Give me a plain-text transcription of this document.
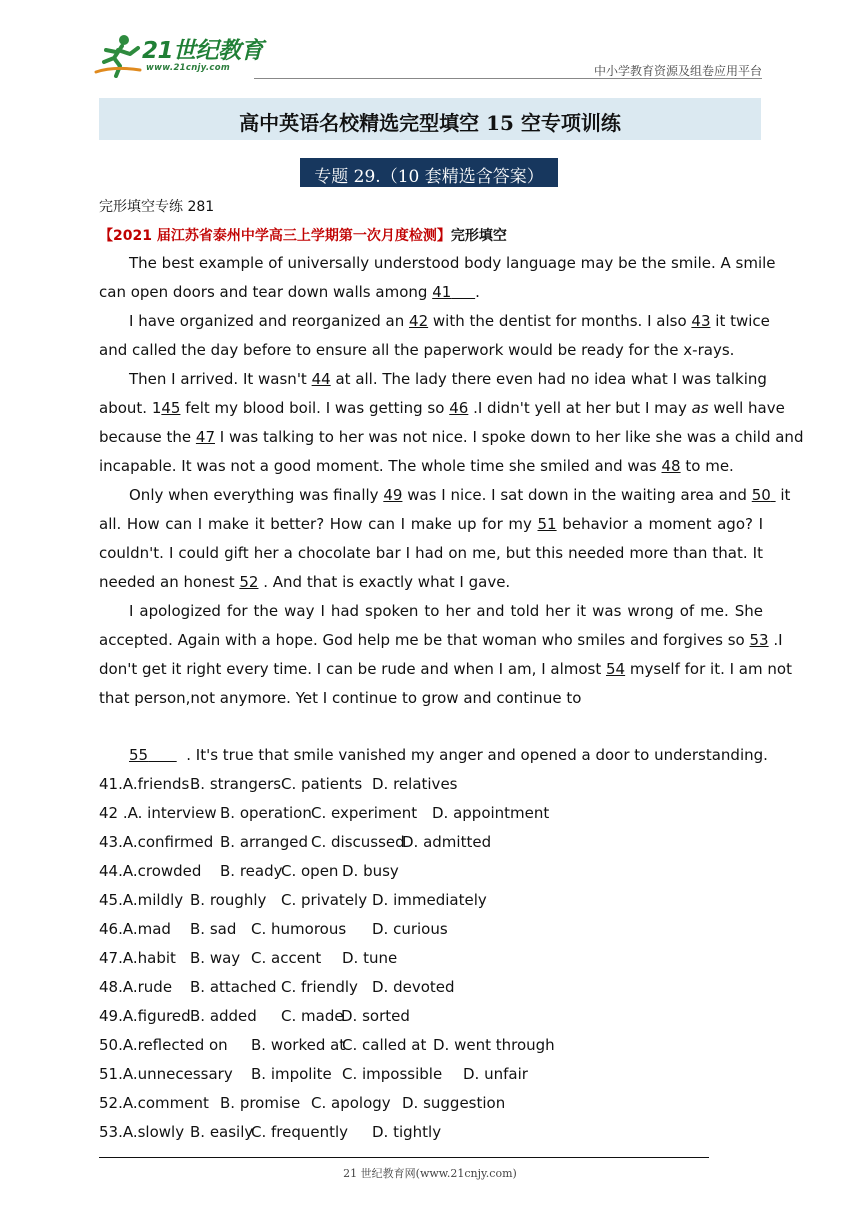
21世纪教育
www.21cnjy.com	中小学教育资源及组卷应用平台
高中英语名校精选完型填空 15 空专项训练
专题 29.（10 套精选含答案）
完形填空专练 281
【2021 届江苏省泰州中学高三上学期第一次月度检测】完形填空
The best example of universally understood body language may be the smile. A smile
can open doors and tear down walls among 41 .
I have organized and reorganized an 42 with the dentist for months. I also 43 it twice
and called the day before to ensure all the paperwork would be ready for the x-rays.
Then I arrived. It wasn't 44 at all. The lady there even had no idea what I was talking
about. 145 felt my blood boil. I was getting so 46 .I didn't yell at her but I may as well have
because the 47 I was talking to her was not nice. I spoke down to her like she was a child and
incapable. It was not a good moment. The whole time she smiled and was 48 to me.
Only when everything was finally 49 was I nice. I sat down in the waiting area and 50 it
all. How can I make it better? How can I make up for my 51 behavior a moment ago? I
couldn't. I could gift her a chocolate bar I had on me, but this needed more than that. It
needed an honest 52 . And that is exactly what I gave.
I apologized for the way I had spoken to her and told her it was wrong of me. She
accepted. Again with a hope. God help me be that woman who smiles and forgives so 53 .I
don't get it right every time. I can be rude and when I am, I almost 54 myself for it. I am not
that person,not anymore. Yet I continue to grow and continue to
55	. It's true that smile vanished my anger and opened a door to understanding.
41.A.friends B. strangers C. patients D. relatives
42 .A. interview B. operation C. experiment D. appointment
43.A.confirmed B. arranged C. discussed
D. admitted
44.A.crowded B. ready
C. open D. busy
45.A.mildly B. roughly C. privately D. immediately
46.A.mad B. sad C. humorous D. curious
47.A.habit B. way C. accent D. tune
48.A.rude B. attached C. friendly D. devoted
49.A.figured B. added C. made
D. sorted
50.A.reflected on B. worked at
C. called at D. went through
51.A.unnecessary B. impolite C. impossible D. unfair
52.A.comment B. promise C. apology D. suggestion
53.A.slowly B. easily
C. frequently D. tightly
21 世纪教育网(www.21cnjy.com)
